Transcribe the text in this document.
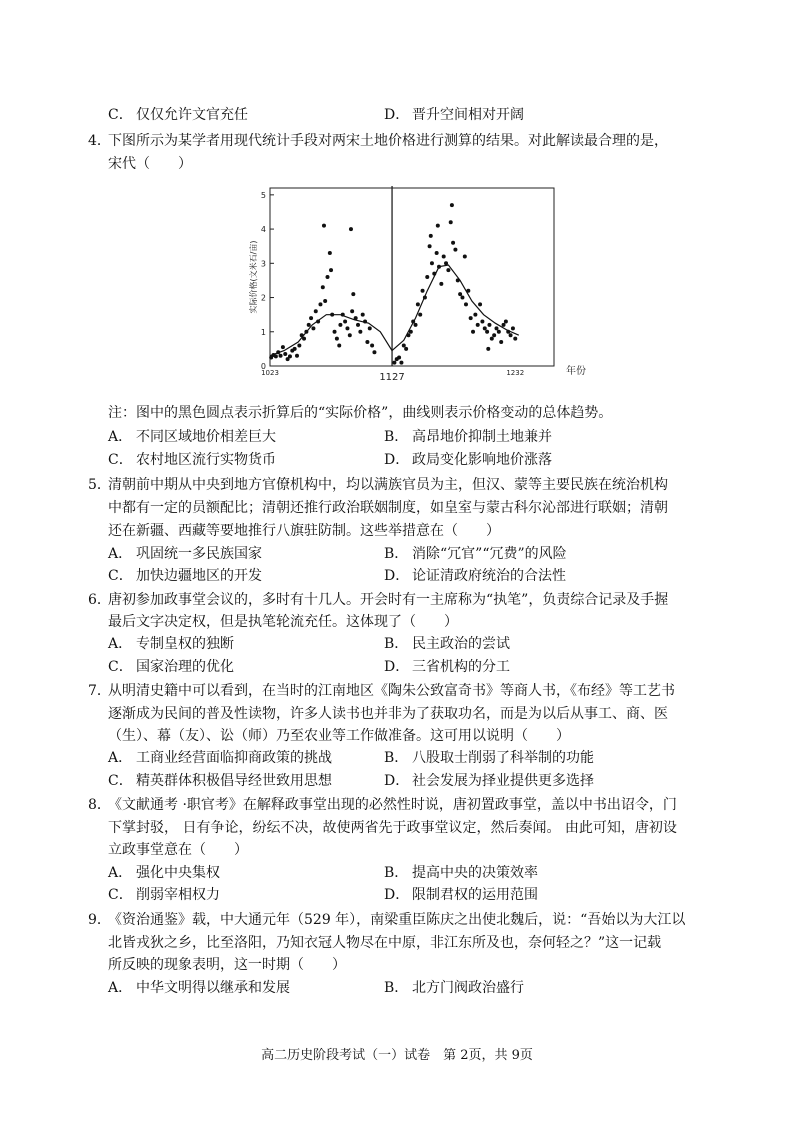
C． 仅仅允许文官充任	D． 晋升空间相对开阔
4．
下图所示为某学者用现代统计手段对两宋土地价格进行测算的结果。对此解读最合理的是，
宋代（　　）
0
1
2
3
4
5
实际价格(文米石/亩)
1023	1127	1232	年份
注：图中的黑色圆点表示折算后的“实际价格”，曲线则表示价格变动的总体趋势。
A． 不同区域地价相差巨大	B． 高昂地价抑制土地兼并
C． 农村地区流行实物货币	D． 政局变化影响地价涨落
5．
清朝前中期从中央到地方官僚机构中，均以满族官员为主，但汉、蒙等主要民族在统治机构
中都有一定的员额配比；清朝还推行政治联姻制度，如皇室与蒙古科尔沁部进行联姻；清朝
还在新疆、西藏等要地推行八旗驻防制。这些举措意在（　　）
A． 巩固统一多民族国家	B． 消除“冗官”“冗费”的风险
C． 加快边疆地区的开发	D． 论证清政府统治的合法性
6．
唐初参加政事堂会议的，多时有十几人。开会时有一主席称为“执笔”，负责综合记录及手握
最后文字决定权，但是执笔轮流充任。这体现了（　　）
A． 专制皇权的独断	B． 民主政治的尝试
C． 国家治理的优化	D． 三省机构的分工
7．
从明清史籍中可以看到，在当时的江南地区《陶朱公致富奇书》等商人书，《布经》等工艺书
逐渐成为民间的普及性读物，许多人读书也并非为了获取功名，而是为以后从事工、商、医
（生）、幕（友）、讼（师）乃至农业等工作做准备。这可用以说明（　　）
A． 工商业经营面临抑商政策的挑战	B． 八股取士削弱了科举制的功能
C． 精英群体积极倡导经世致用思想	D． 社会发展为择业提供更多选择
8．
《文献通考 ·职官考》在解释政事堂出现的必然性时说，唐初置政事堂，盖以中书出诏令，门
下掌封驳， 日有争论，纷纭不决，故使两省先于政事堂议定，然后奏闻。 由此可知，唐初设
立政事堂意在（　　）
A． 强化中央集权	B． 提高中央的决策效率
C． 削弱宰相权力	D． 限制君权的运用范围
9．
《资治通鉴》载，中大通元年（529 年），南梁重臣陈庆之出使北魏后，说：“吾始以为大江以
北皆戎狄之乡，比至洛阳，乃知衣冠人物尽在中原，非江东所及也，奈何轻之？”这一记载
所反映的现象表明，这一时期（　　）
A． 中华文明得以继承和发展	B． 北方门阀政治盛行
高二历史阶段考试（一）试卷　第 2页，共 9页
